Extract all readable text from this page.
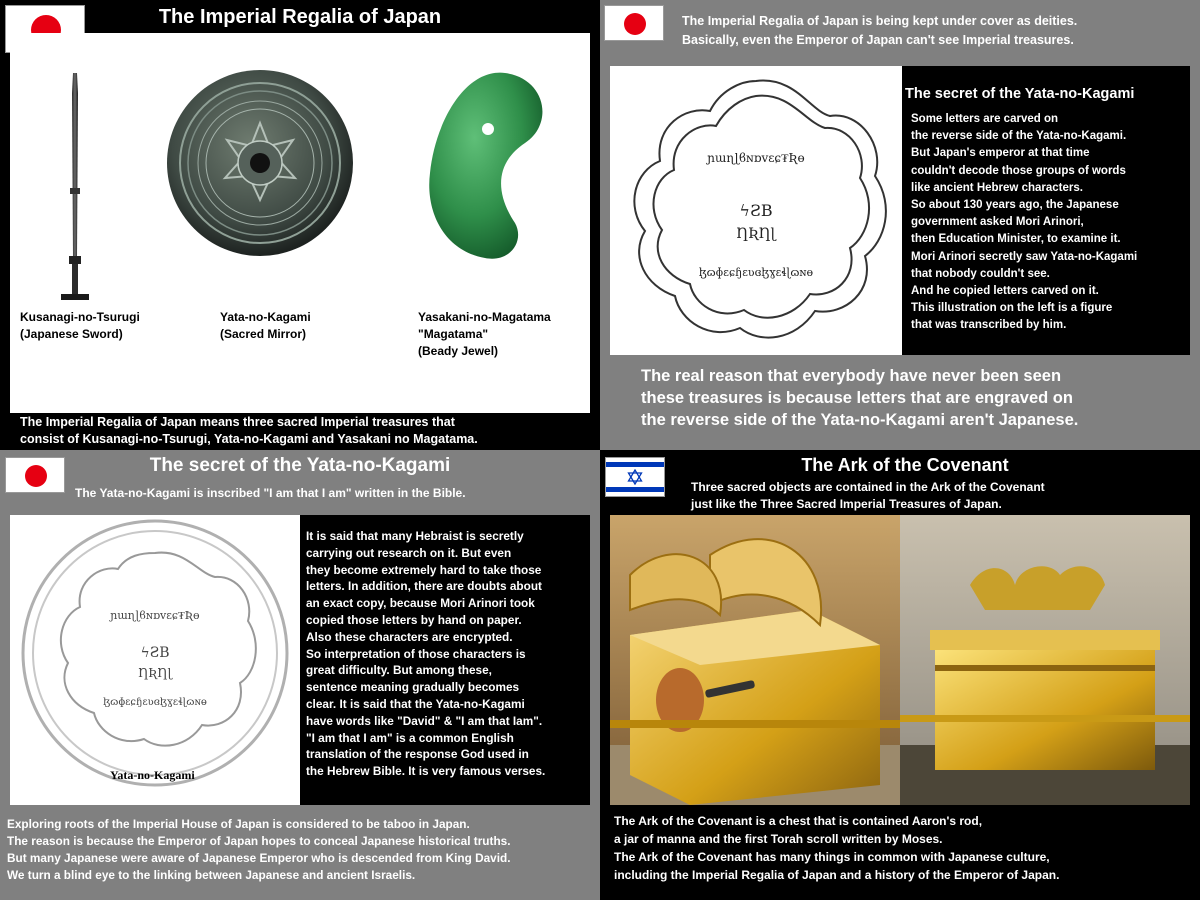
The Imperial Regalia of Japan
Kusanagi-no-Tsurugi
(Japanese Sword)
Yata-no-Kagami
(Sacred Mirror)
Yasakani-no-Magatama
"Magatama"
(Beady Jewel)
The Imperial Regalia of Japan means three sacred Imperial treasures that
consist of Kusanagi-no-Tsurugi, Yata-no-Kagami and Yasakani no Magatama.
The Imperial Regalia of Japan is being kept under cover as deities.
Basically, even the Emperor of Japan can't see Imperial treasures.
ɲɯɳɭϐɴɒᴠɛɕ₮Ʀɵ
ϟƧB
ȠƦȠɭ
ɮɷɸɛɕɧɛʋɞɮɣɛɬɭɷɴɵ
The secret of the Yata-no-Kagami
Some letters are carved on
the reverse side of the Yata-no-Kagami.
But Japan's emperor at that time
couldn't decode those groups of words
like ancient Hebrew characters.
So about 130 years ago, the Japanese
government asked Mori Arinori,
then Education Minister, to examine it.
Mori Arinori secretly saw Yata-no-Kagami
that nobody couldn't see.
And he copied letters carved on it.
This illustration on the left is a figure
that was transcribed by him.
The real reason that everybody have never been seen
these treasures is because letters that are engraved on
the reverse side of the Yata-no-Kagami aren't Japanese.
The secret of the Yata-no-Kagami
The Yata-no-Kagami is inscribed "I am that I am" written in the Bible.
ɲɯɳɭϐɴɒᴠɛɕ₮Ʀɵ
ϟƧB
ȠƦȠɭ
ɮɷɸɛɕɧɛʋɞɮɣɛɬɭɷɴɵ
Yata-no-Kagami
It is said that many Hebraist is secretly
carrying out research on it. But even
they become extremely hard to take those
letters. In addition, there are doubts about
an exact copy, because Mori Arinori took
copied those letters by hand on paper.
Also these characters are encrypted.
So interpretation of those characters is
great difficulty. But among these,
sentence meaning gradually becomes
clear. It is said that the Yata-no-Kagami
have words like "David" & "I am that Iam".
"I am that I am" is a common English
translation of the response God used in
the Hebrew Bible. It is very famous verses.
Exploring roots of the Imperial House of Japan is considered to be taboo in Japan.
The reason is because the Emperor of Japan hopes to conceal Japanese historical truths.
But many Japanese were aware of Japanese Emperor who is descended from King David.
We turn a blind eye to the linking between Japanese and ancient Israelis.
The Ark of the Covenant
Three sacred objects are contained in the Ark of the Covenant
just like the Three Sacred Imperial Treasures of Japan.
The Ark of the Covenant is a chest that is contained Aaron's rod,
a jar of manna and the first Torah scroll written by Moses.
The Ark of the Covenant has many things in common with Japanese culture,
including the Imperial Regalia of Japan and a history of the Emperor of Japan.
